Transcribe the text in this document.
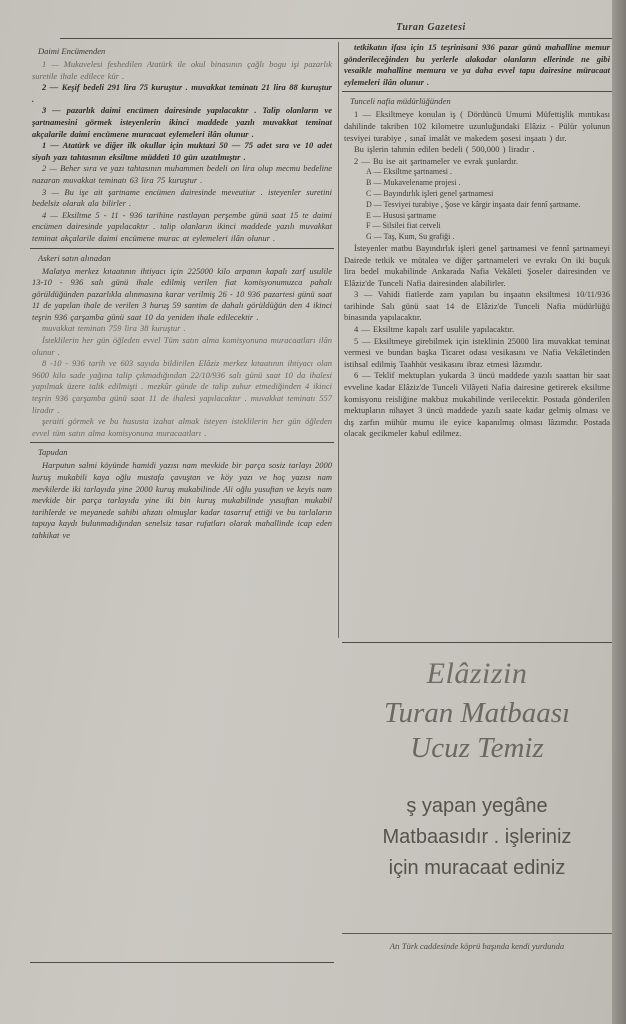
Turan Gazetesi
Daimi Encümenden

1 — Mukavelesi feshedilen Atatürk ile okul binasının çağlı bogu işi pazarlık suretile ihale edilece kür .

2 — Keşif bedeli 291 lira 75 kuruştur . muvakkat teminatı 21 lira 88 kuruştur .

3 — pazarlık daimi encümen dairesinde yapılacaktır . Talip olanların ve şartnamesini görmek isteyenlerin ikinci maddede yazılı muvakkat teminat akçalarile daimi encümene muracaat eylemeleri ilân olunur .

1 — Atatürk ve diğer ilk okullar için muktazi 50 — 75 adet sıra ve 10 adet siyah yazı tahtasının eksiltme müddeti 10 gün uzatılmıştır .

2 — Beher sıra ve yazı tahtasının muhammen bedeli on lira olup mecmu bedeline nazaran muvakkat teminatı 63 lira 75 kuruştur .

3 — Bu işe ait şartname encümen dairesinde meveutiur . isteyenler suretini bedelsiz olarak ala bilirler .

4 — Eksiltme 5 - 11 - 936 tarihine rastlayan perşembe günü saat 15 te daimi encümen dairesinde yapılacaktır . talip olanların ikinci maddede yazılı muvakkat teminat akçalarile daimi encümene murac at eylemeleri ilân olunur .

Askeri satın alınadan

Malatya merkez kıtaatının ihtiyacı için 225000 kilo arpanın kapalı zarf usulile 13-10 - 936 salı günü ihale edilmiş verilen fiat komisyonumuzca pahalı görüldüğünden pazarlıkla alınmasına karar verilmiş 26 - 10 936 pazartesi günü saat 11 de yapılan ihale de verilen 3 huruş 59 santim de dahalı görüldüğün den 4 ikinci teşrin 936 çarşamba günü saat 10 da yeniden ihale edilecektir .

muvakkat teminatı 759 lira 38 kuruştur .

İsteklilerin her gün öğleden evvel Tüm satın alma komisyonuna muracaatları ilân olunur .

8 -10 - 936 tarih ve 603 sayıda bildirilen Elâziz merkez kıtaatının ihtiyacı olan 9600 kilo sade yağına talip çıkmadığından 22/10/936 salı günü saat 10 da ihalesi yapılmak üzere talik edilmişti . mezkûr günde de talip zuhur etmediğinden 4 ikinci teşrin 936 çarşamba günü saat 11 de ihalesi yapılacaktır . muvakkat teminatı 557 liradır .

şeraiti görmek ve bu hususta izahat almak isteyen isteklilerin her gün öğleden evvel tüm satın alma komisyonuna muracaatları .

Tapudan

Harputun salmi köyünde hamidi yazısı nam mevkide bir parça sosiz tarlayı 2000 kuruş mukabili kaya oğlu mustafa çavuştan ve köy yazı ve hoç yazısı nam mevkilerde iki tarlayıda yine 2000 kuruş mukabilinde Ali oğlu yusuftan ve keyis nam mevkide bir parça tarlayıda yine iki bin kuruş mukabilinde yusuftan mukabil tarihlerde ve meyanede sahibi ahzatı olmuşlar kadar tasarruf ettiği ve bu tarlaların tapuya kaydı bulunmadığından senelsiz tasar rufatları olarak mahallinde icap eden tahkikat ve

tetkikatın ifası için 15 teşrinisani 936 pazar günü mahalline memur gönderileceğinden bu yerlerle alakadar olanların ellerinde ne gibi vesaikle mahalline memura ve ya daha evvel tapu dairesine müracaat eylemeleri ilân olunur .

Tunceli nafia müdürlüğünden

1 — Eksiltmeye konulan iş ( Dördüncü Umumi Müfettişlik mıntıkası dahilinde takriben 102 kilometre uzunluğundaki Elâziz - Pülür yolunun tesviyei turabiye , sınaî imalât ve makedem şosesi inşaatı ) dır.

Bu işlerin tahmin edilen bedeli ( 500,000 ) liradır .

2 — Bu ise ait şartnameler ve evrak şunlardır.

A — Eksiltme şartnamesi .
B — Mukavelename projesi .
C — Bayındırlık işleri genel şartnamesi
D — Tesviyei turabiye , Şose ve kârgir inşaata dair fennî şartname.
E — Hususi şartname
F — Silsilei fiat cetveli
G — Taş, Kum, Su grafiği .

İsteyenler matbu Bayındırlık işleri genel şartnamesi ve fennî şartnameyi Dairede tetkik ve mütalea ve diğer şartnameleri ve evrakı On iki buçuk lira bedel mukabilinde Ankarada Nafia Vekâleti Şoseler dairesinden ve Elâziz'de Tunceli Nafia dairesinden alabilirler.

3 — Vahidi fiatlerde zam yapılan bu inşaatın eksiltmesi 10/11/936 tarihinde Salı günü saat 14 de Elâziz'de Tunceli Nafia müdürlüğü binasında yapılacaktır.

4 — Eksiltme kapalı zarf usulile yapılacaktır.

5 — Eksiltmeye girebilmek için isteklinin 25000 lira muvakkat teminat vermesi ve bundan başka Ticaret odası vesikasını ve Nafia Vekâletinden istihsal edilmiş Taahhüt vesikasını ibraz etmesi lâzımdır.

6 — Teklif mektupları yukarda 3 üncü maddede yazılı saattan bir saat evveline kadar Elâziz'de Tunceli Vilâyeti Nafia dairesine getirerek eksiltme komisyonu reisliğine makbuz mukabilinde verilecektir. Postada gönderilen mektupların nihayet 3 üncü maddede yazılı saate kadar gelmiş olması ve dış zarfın mühür mumu ile eyice kapanılmış olması lâzımdır. Postada olacak gecikmeler kabul edilmez.

Elâzizin
Turan Matbaası
Ucuz Temiz
ş yapan yegâne
Matbaasıdır . işleriniz
için muracaat ediniz
Atı Türk caddesinde köprü başında kendi yurdunda
